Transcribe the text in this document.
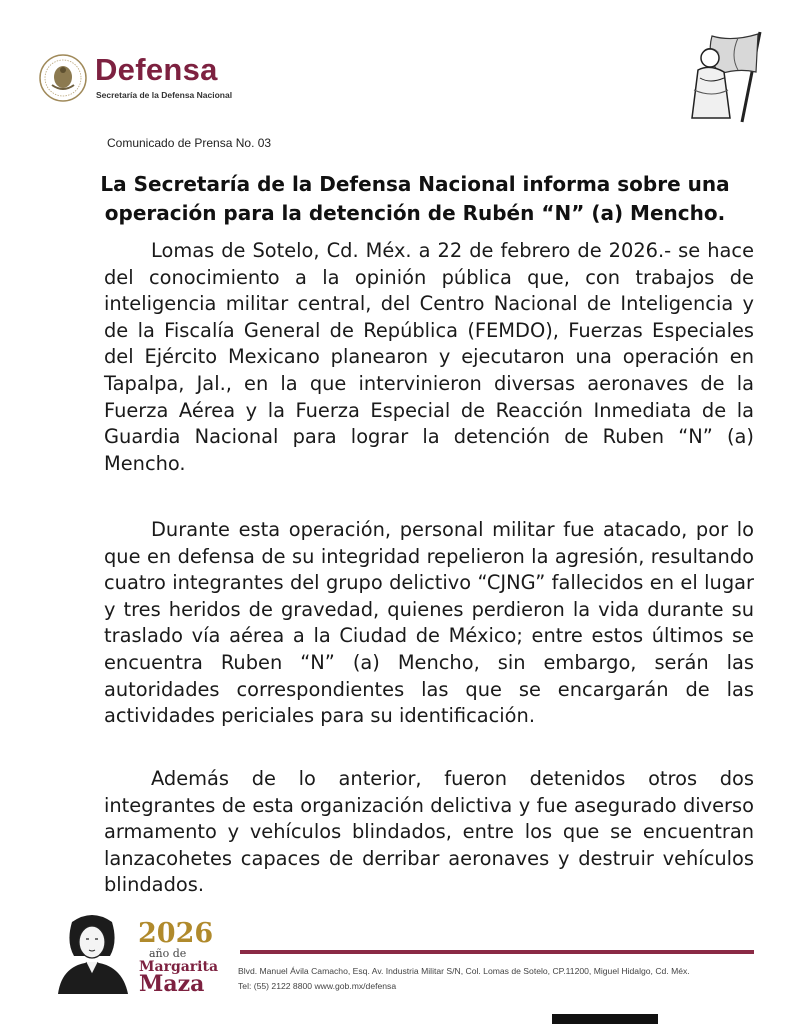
Defensa
Secretaría de la Defensa Nacional
Comunicado de Prensa No. 03
La Secretaría de la Defensa Nacional informa sobre una
operación para la detención de Rubén “N” (a) Mencho.
Lomas de Sotelo, Cd. Méx. a 22 de febrero de 2026.- se hace del conocimiento a la opinión pública que, con trabajos de inteligencia militar central, del Centro Nacional de Inteligencia y de la Fiscalía General de República (FEMDO), Fuerzas Especiales del Ejército Mexicano planearon y ejecutaron una operación en Tapalpa, Jal., en la que intervinieron diversas aeronaves de la Fuerza Aérea y la Fuerza Especial de Reacción Inmediata de la Guardia Nacional para lograr la detención de Ruben “N” (a) Mencho.
Durante esta operación, personal militar fue atacado, por lo que en defensa de su integridad repelieron la agresión, resultando cuatro integrantes del grupo delictivo “CJNG” fallecidos en el lugar y tres heridos de gravedad, quienes perdieron la vida durante su traslado vía aérea a la Ciudad de México; entre estos últimos se encuentra Ruben “N” (a) Mencho, sin embargo, serán las autoridades correspondientes las que se encargarán de las actividades periciales para su identificación.
Además de lo anterior, fueron detenidos otros dos integrantes de esta organización delictiva y fue asegurado diverso armamento y vehículos blindados, entre los que se encuentran lanzacohetes capaces de derribar aeronaves y destruir vehículos blindados.
2026
año de
Margarita
Maza	Blvd. Manuel Ávila Camacho, Esq. Av. Industria Militar S/N, Col. Lomas de Sotelo, CP.11200, Miguel Hidalgo, Cd. Méx.
Tel: (55) 2122 8800 www.gob.mx/defensa
